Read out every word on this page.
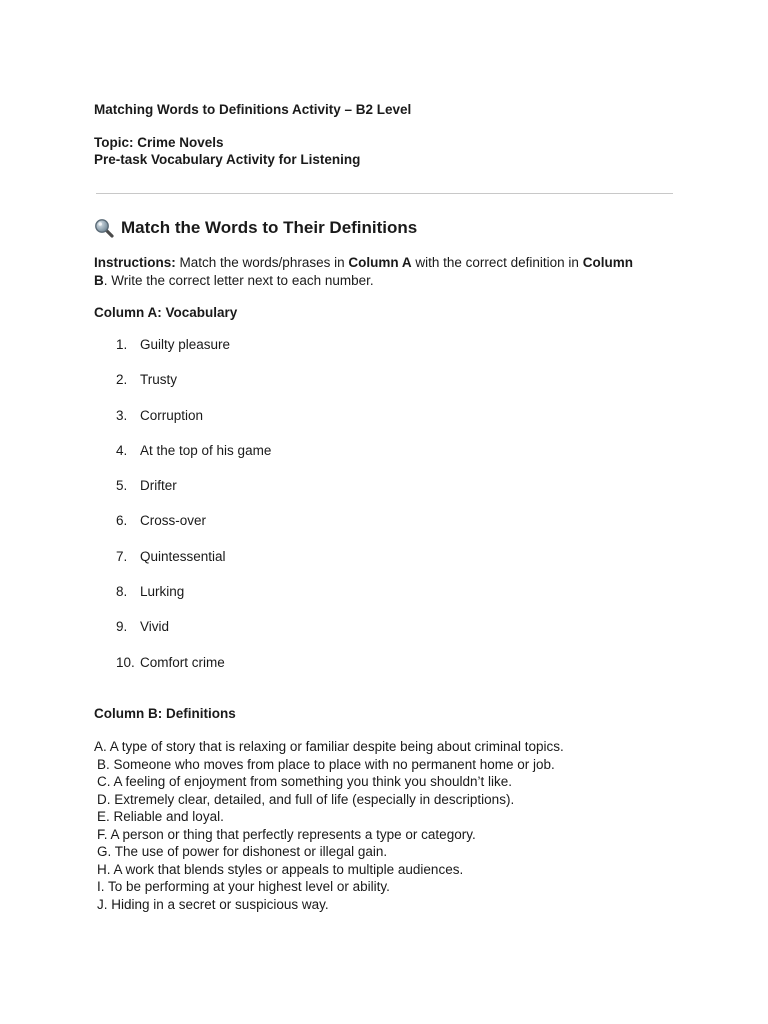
Matching Words to Definitions Activity – B2 Level
Topic: Crime Novels
Pre-task Vocabulary Activity for Listening
Match the Words to Their Definitions
Instructions: Match the words/phrases in Column A with the correct definition in Column
B. Write the correct letter next to each number.
Column A: Vocabulary
1. Guilty pleasure
2. Trusty
3. Corruption
4. At the top of his game
5. Drifter
6. Cross-over
7. Quintessential
8. Lurking
9. Vivid
10. Comfort crime
Column B: Definitions
A. A type of story that is relaxing or familiar despite being about criminal topics.
B. Someone who moves from place to place with no permanent home or job.
C. A feeling of enjoyment from something you think you shouldn’t like.
D. Extremely clear, detailed, and full of life (especially in descriptions).
E. Reliable and loyal.
F. A person or thing that perfectly represents a type or category.
G. The use of power for dishonest or illegal gain.
H. A work that blends styles or appeals to multiple audiences.
I. To be performing at your highest level or ability.
J. Hiding in a secret or suspicious way.
